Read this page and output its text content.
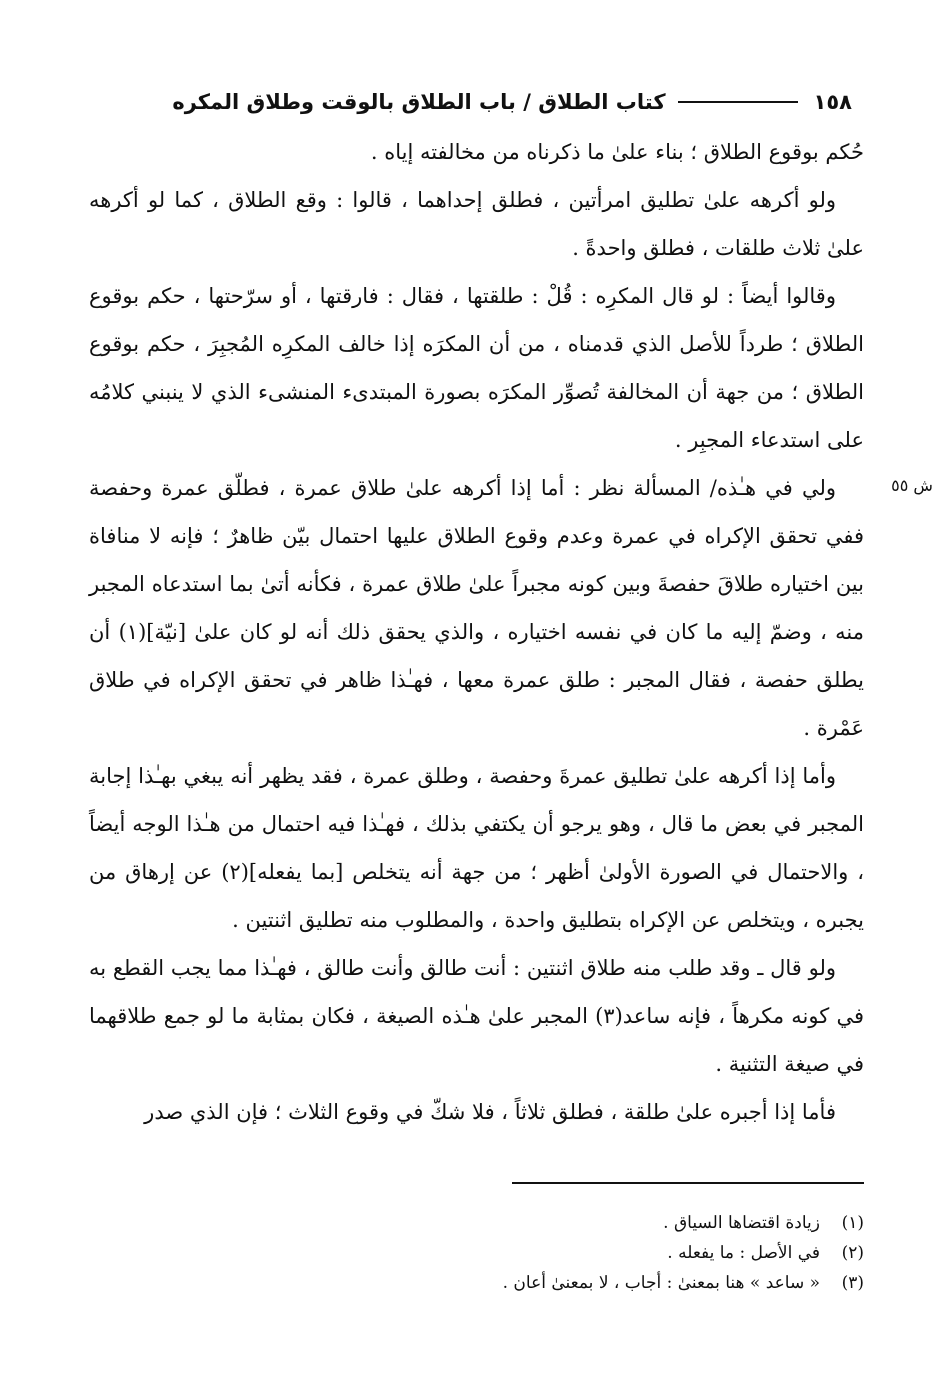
١٥٨
كتاب الطلاق / باب الطلاق بالوقت وطلاق المكره
ش ٥٥

حُكم بوقوع الطلاق ؛ بناء علىٰ ما ذكرناه من مخالفته إياه .

ولو أكرهه علىٰ تطليق امرأتين ، فطلق إحداهما ، قالوا : وقع الطلاق ، كما لو أكرهه علىٰ ثلاث طلقات ، فطلق واحدةً .

وقالوا أيضاً : لو قال المكرِه : قُلْ : طلقتها ، فقال : فارقتها ، أو سرّحتها ، حكم بوقوع الطلاق ؛ طرداً للأصل الذي قدمناه ، من أن المكرَه إذا خالف المكرِه المُجبِرَ ، حكم بوقوع الطلاق ؛ من جهة أن المخالفة تُصوِّر المكرَه بصورة المبتدىء المنشىء الذي لا ينبني كلامُه على استدعاء المجبِر .

ولي في هـٰذه/ المسألة نظر : أما إذا أكرهه علىٰ طلاق عمرة ، فطلّق عمرة وحفصة ففي تحقق الإكراه في عمرة وعدم وقوع الطلاق عليها احتمال بيّن ظاهرٌ ؛ فإنه لا منافاة بين اختياره طلاقَ حفصةَ وبين كونه مجبراً علىٰ طلاق عمرة ، فكأنه أتىٰ بما استدعاه المجبر منه ، وضمّ إليه ما كان في نفسه اختياره ، والذي يحقق ذلك أنه لو كان علىٰ [نيّة](١) أن يطلق حفصة ، فقال المجبر : طلق عمرة معها ، فهـٰذا ظاهر في تحقق الإكراه في طلاق عَمْرة .

وأما إذا أكرهه علىٰ تطليق عمرةَ وحفصة ، وطلق عمرة ، فقد يظهر أنه يبغي بهـٰذا إجابة المجبر في بعض ما قال ، وهو يرجو أن يكتفي بذلك ، فهـٰذا فيه احتمال من هـٰذا الوجه أيضاً ، والاحتمال في الصورة الأولىٰ أظهر ؛ من جهة أنه يتخلص [بما يفعله](٢) عن إرهاق من يجبره ، ويتخلص عن الإكراه بتطليق واحدة ، والمطلوب منه تطليق اثنتين .

ولو قال ـ وقد طلب منه طلاق اثنتين : أنت طالق وأنت طالق ، فهـٰذا مما يجب القطع به في كونه مكرهاً ، فإنه ساعد(٣) المجبر علىٰ هـٰذه الصيغة ، فكان بمثابة ما لو جمع طلاقهما في صيغة التثنية .

فأما إذا أجبره علىٰ طلقة ، فطلق ثلاثاً ، فلا شكّ في وقوع الثلاث ؛ فإن الذي صدر

(١)
زيادة اقتضاها السياق .
(٢)
في الأصل : ما يفعله .
(٣)
« ساعد » هنا بمعنىٰ : أجاب ، لا بمعنىٰ أعان .
